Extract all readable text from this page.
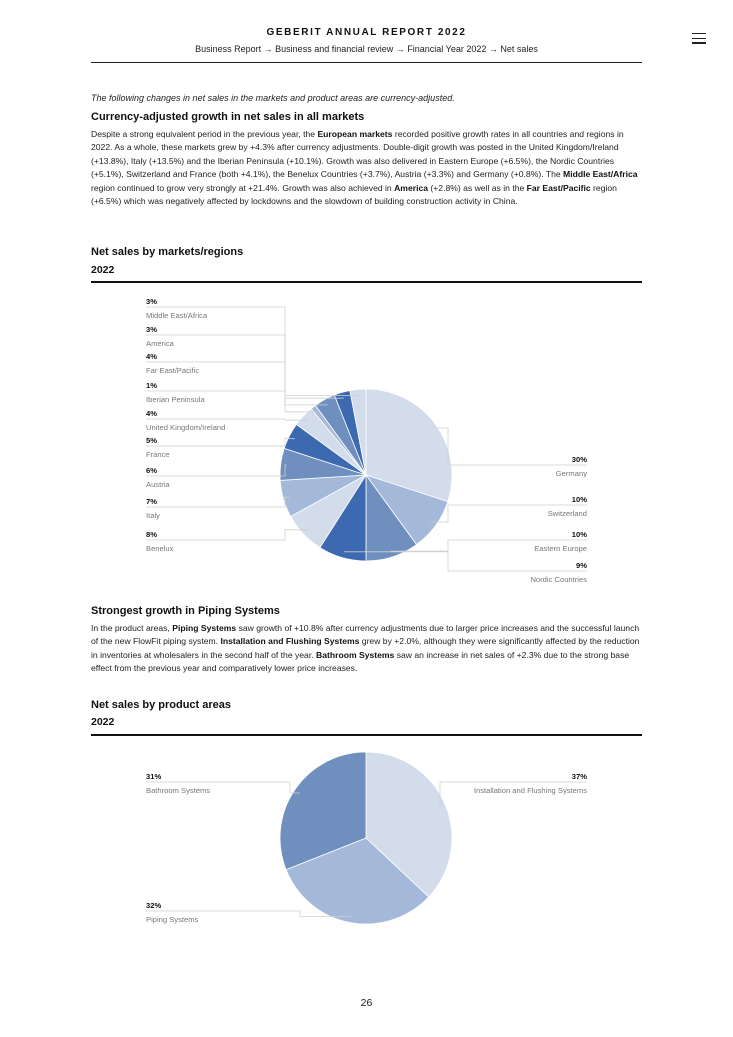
GEBERIT ANNUAL REPORT 2022
Business Report → Business and financial review → Financial Year 2022 → Net sales
The following changes in net sales in the markets and product areas are currency-adjusted.
Currency-adjusted growth in net sales in all markets
Despite a strong equivalent period in the previous year, the European markets recorded positive growth rates in all countries and regions in 2022. As a whole, these markets grew by +4.3% after currency adjustments. Double-digit growth was posted in the United Kingdom/Ireland (+13.8%), Italy (+13.5%) and the Iberian Peninsula (+10.1%). Growth was also delivered in Eastern Europe (+6.5%), the Nordic Countries (+5.1%), Switzerland and France (both +4.1%), the Benelux Countries (+3.7%), Austria (+3.3%) and Germany (+0.8%). The Middle East/Africa region continued to grow very strongly at +21.4%. Growth was also achieved in America (+2.8%) as well as in the Far East/Pacific region (+6.5%) which was negatively affected by lockdowns and the slowdown of building construction activity in China.
Net sales by markets/regions
2022
Strongest growth in Piping Systems
In the product areas, Piping Systems saw growth of +10.8% after currency adjustments due to larger price increases and the successful launch of the new FlowFit piping system. Installation and Flushing Systems grew by +2.0%, although they were significantly affected by the reduction in inventories at wholesalers in the second half of the year. Bathroom Systems saw an increase in net sales of +2.3% due to the strong base effect from the previous year and comparatively lower price increases.
Net sales by product areas
2022
30%
Germany
10%
Switzerland
10%
Eastern Europe
9%
Nordic Countries
8%
Benelux
7%
Italy
6%
Austria
5%
France
4%
United Kingdom/Ireland
1%
Iberian Peninsula
4%
Far East/Pacific
3%
America
3%
Middle East/Africa
37%
Installation and Flushing Systems
32%
Piping Systems
31%
Bathroom Systems
26
